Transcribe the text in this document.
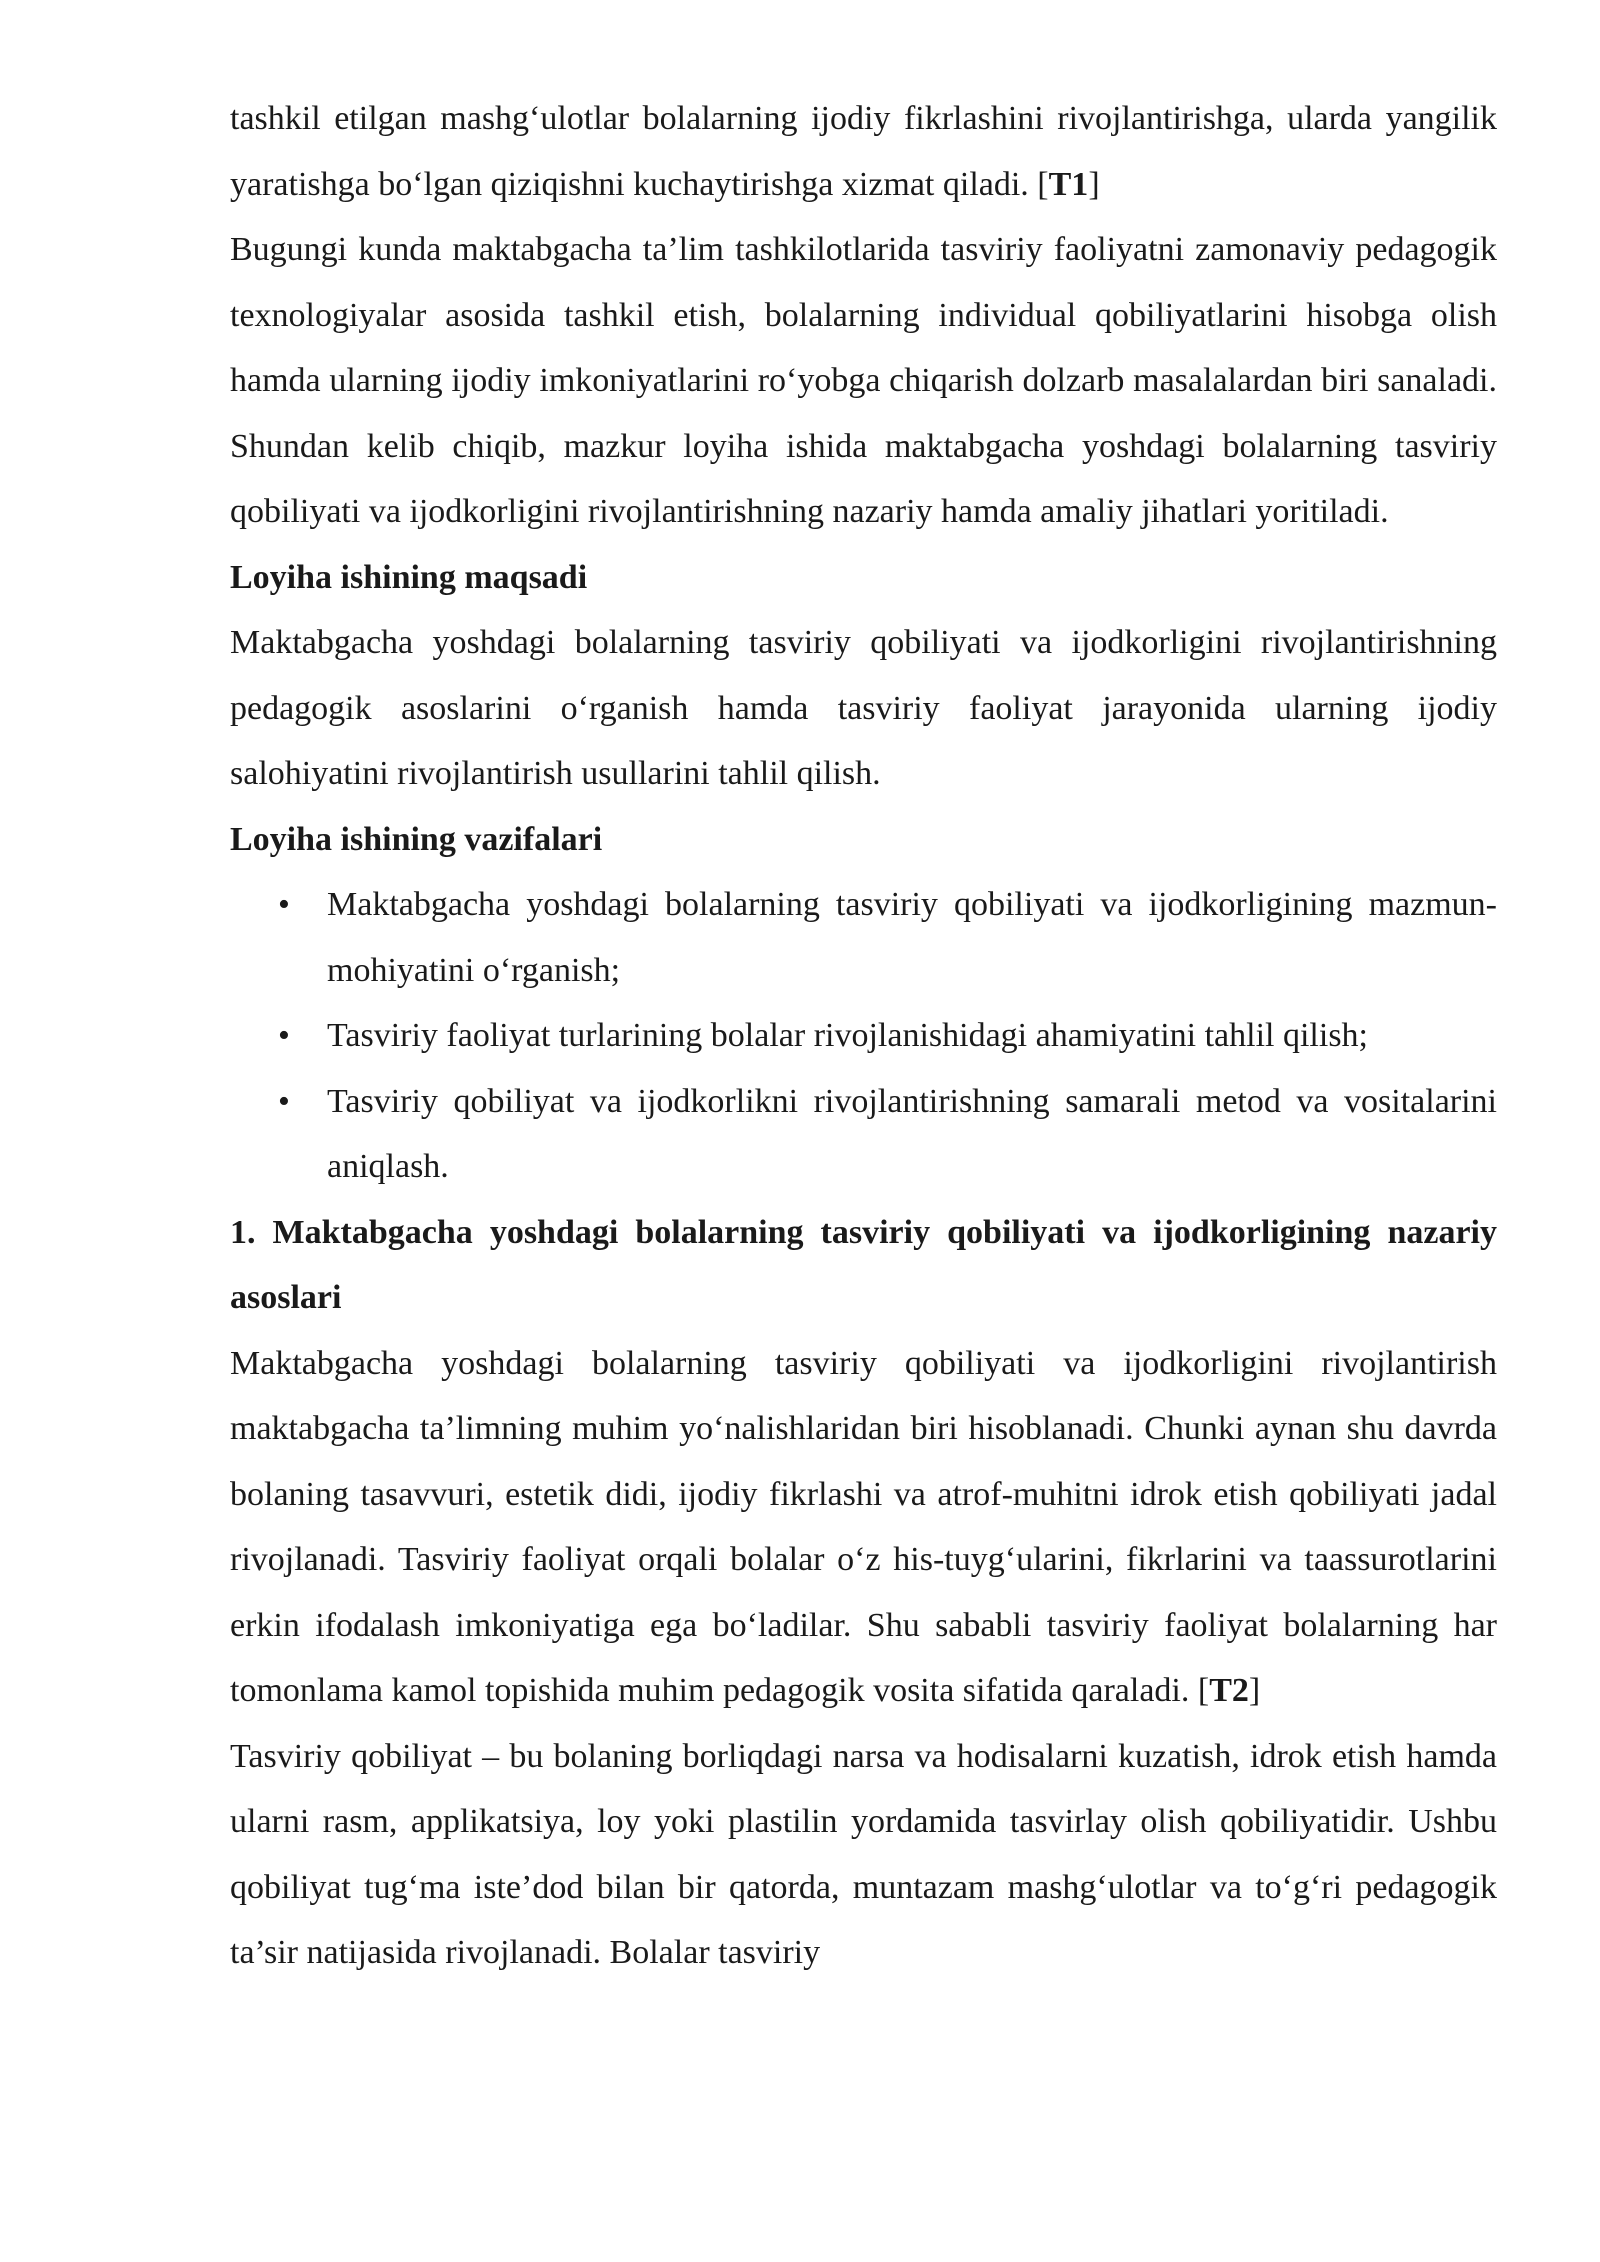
tashkil etilgan mashg‘ulotlar bolalarning ijodiy fikrlashini rivojlantirishga, ularda yangilik yaratishga bo‘lgan qiziqishni kuchaytirishga xizmat qiladi. [T1]

Bugungi kunda maktabgacha ta’lim tashkilotlarida tasviriy faoliyatni zamonaviy pedagogik texnologiyalar asosida tashkil etish, bolalarning individual qobiliyatlarini hisobga olish hamda ularning ijodiy imkoniyatlarini ro‘yobga chiqarish dolzarb masalalardan biri sanaladi. Shundan kelib chiqib, mazkur loyiha ishida maktabgacha yoshdagi bolalarning tasviriy qobiliyati va ijodkorligini rivojlantirishning nazariy hamda amaliy jihatlari yoritiladi.

Loyiha ishining maqsadi

Maktabgacha yoshdagi bolalarning tasviriy qobiliyati va ijodkorligini rivojlantirishning pedagogik asoslarini o‘rganish hamda tasviriy faoliyat jarayonida ularning ijodiy salohiyatini rivojlantirish usullarini tahlil qilish.

Loyiha ishining vazifalari

• Maktabgacha yoshdagi bolalarning tasviriy qobiliyati va ijodkorligining mazmun-mohiyatini o‘rganish;
• Tasviriy faoliyat turlarining bolalar rivojlanishidagi ahamiyatini tahlil qilish;
• Tasviriy qobiliyat va ijodkorlikni rivojlantirishning samarali metod va vositalarini aniqlash.

1. Maktabgacha yoshdagi bolalarning tasviriy qobiliyati va ijodkorligining nazariy asoslari

Maktabgacha yoshdagi bolalarning tasviriy qobiliyati va ijodkorligini rivojlantirish maktabgacha ta’limning muhim yo‘nalishlaridan biri hisoblanadi. Chunki aynan shu davrda bolaning tasavvuri, estetik didi, ijodiy fikrlashi va atrof-muhitni idrok etish qobiliyati jadal rivojlanadi. Tasviriy faoliyat orqali bolalar o‘z his-tuyg‘ularini, fikrlarini va taassurotlarini erkin ifodalash imkoniyatiga ega bo‘ladilar. Shu sababli tasviriy faoliyat bolalarning har tomonlama kamol topishida muhim pedagogik vosita sifatida qaraladi. [T2]

Tasviriy qobiliyat – bu bolaning borliqdagi narsa va hodisalarni kuzatish, idrok etish hamda ularni rasm, applikatsiya, loy yoki plastilin yordamida tasvirlay olish qobiliyatidir. Ushbu qobiliyat tug‘ma iste’dod bilan bir qatorda, muntazam mashg‘ulotlar va to‘g‘ri pedagogik ta’sir natijasida rivojlanadi. Bolalar tasviriy
